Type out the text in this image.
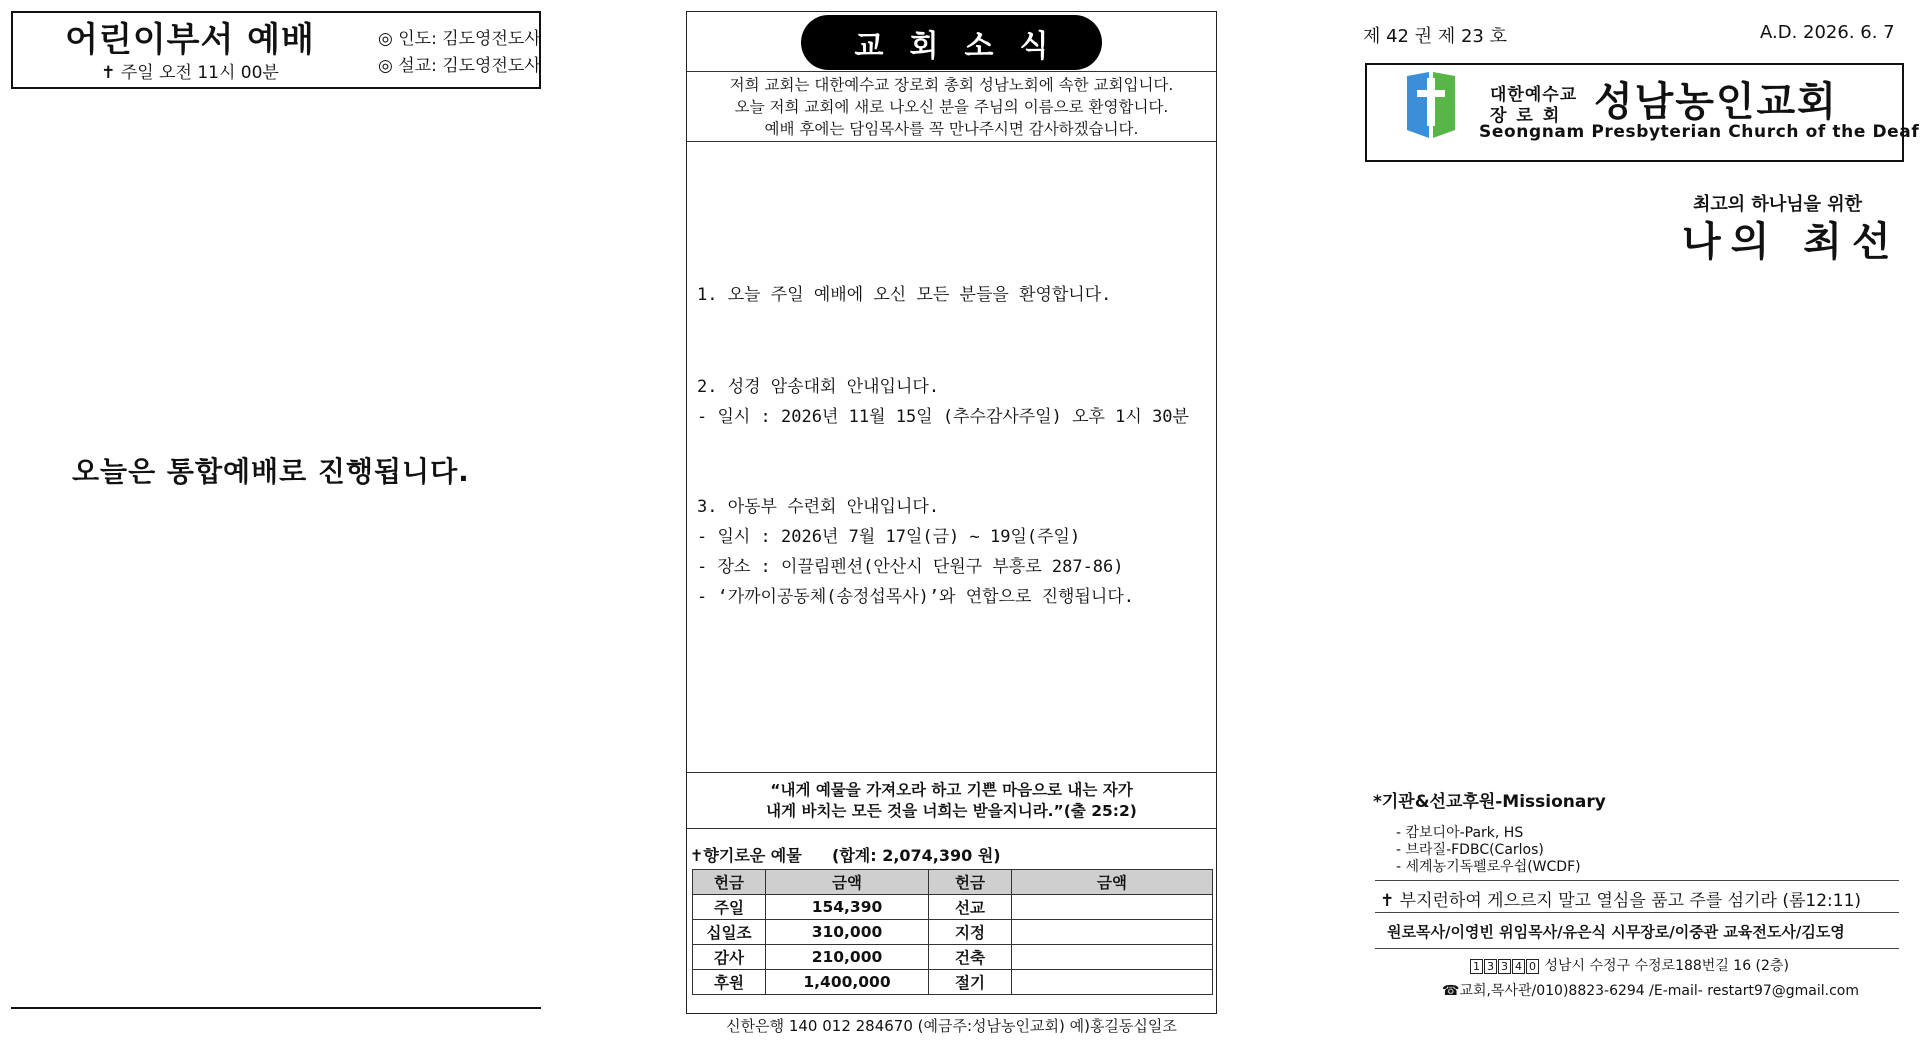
어린이부서 예배
✝ 주일 오전 11시 00분
◎ 인도: 김도영전도사
◎ 설교: 김도영전도사
오늘은 통합예배로 진행됩니다.
교회소식
저희 교회는 대한예수교 장로회 총회 성남노회에 속한 교회입니다.
오늘 저희 교회에 새로 나오신 분을 주님의 이름으로 환영합니다.
예배 후에는 담임목사를 꼭 만나주시면 감사하겠습니다.
1. 오늘 주일 예배에 오신 모든 분들을 환영합니다.
2. 성경 암송대회 안내입니다.
- 일시 : 2026년 11월 15일 (추수감사주일) 오후 1시 30분
3. 아동부 수련회 안내입니다.
- 일시 : 2026년 7월 17일(금) ~ 19일(주일)
- 장소 : 이끌림펜션(안산시 단원구 부흥로 287-86)
- ‘가까이공동체(송정섭목사)’와 연합으로 진행됩니다.
“내게 예물을 가져오라 하고 기쁜 마음으로 내는 자가
내게 바치는 모든 것을 너희는 받을지니라.”(출 25:2)
✝향기로운 예물 (합계: 2,074,390 원)
헌금	금액	헌금	금액
주일	154,390	선교	
십일조	310,000	지정	
감사	210,000	건축	
후원	1,400,000	절기	
신한은행 140 012 284670 (예금주:성남농인교회) 예)홍길동십일조
제 42 권 제 23 호	A.D. 2026. 6. 7
대한예수교
장로회 성남농인교회
Seongnam Presbyterian Church of the Deaf
최고의 하나님을 위한
나의 최선
*기관&선교후원-Missionary
- 캄보디아-Park, HS
- 브라질-FDBC(Carlos)
- 세계농기독펠로우쉽(WCDF)
✝ 부지런하여 게으르지 말고 열심을 품고 주를 섬기라 (롬12:11)
원로목사/이영빈 위임목사/유은식 시무장로/이중관 교육전도사/김도영
1 3 3 4 0 성남시 수정구 수정로188번길 16 (2층)
☎교회,목사관/010)8823-6294 /E-mail- restart97@gmail.com
